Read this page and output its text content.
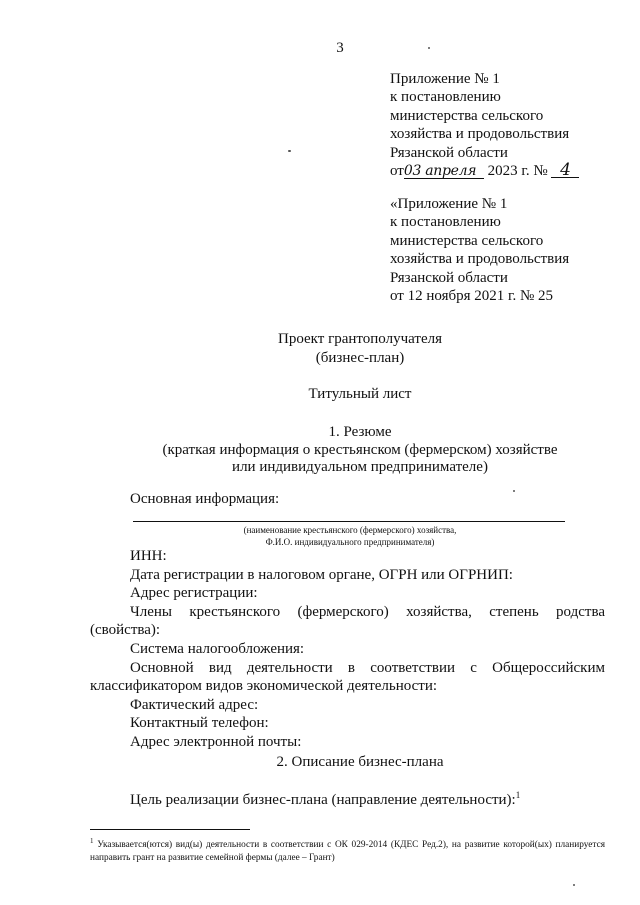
3
Приложение № 1
к постановлению
министерства сельского
хозяйства и продовольствия
Рязанской области
от03 апреля 2023 г. № 4
«Приложение № 1
к постановлению
министерства сельского
хозяйства и продовольствия
Рязанской области
от 12 ноября 2021 г. № 25
Проект грантополучателя
(бизнес-план)
Титульный лист
1. Резюме
(краткая информация о крестьянском (фермерском) хозяйстве
или индивидуальном предпринимателе)
Основная информация:
(наименование крестьянского (фермерского) хозяйства,
Ф.И.О. индивидуального предпринимателя)
ИНН:
Дата регистрации в налоговом органе, ОГРН или ОГРНИП:
Адрес регистрации:
Члены крестьянского (фермерского) хозяйства, степень родства
(свойства):
Система налогообложения:
Основной вид деятельности в соответствии с Общероссийским
классификатором видов экономической деятельности:
Фактический адрес:
Контактный телефон:
Адрес электронной почты:
2. Описание бизнес-плана
Цель реализации бизнес-плана (направление деятельности):$^1$
$^1$ Указывается(ются) вид(ы) деятельности в соответствии с ОК 029-2014 (КДЕС Ред.2), на развитие которой(ых) планируется направить грант на развитие семейной фермы (далее – Грант)
